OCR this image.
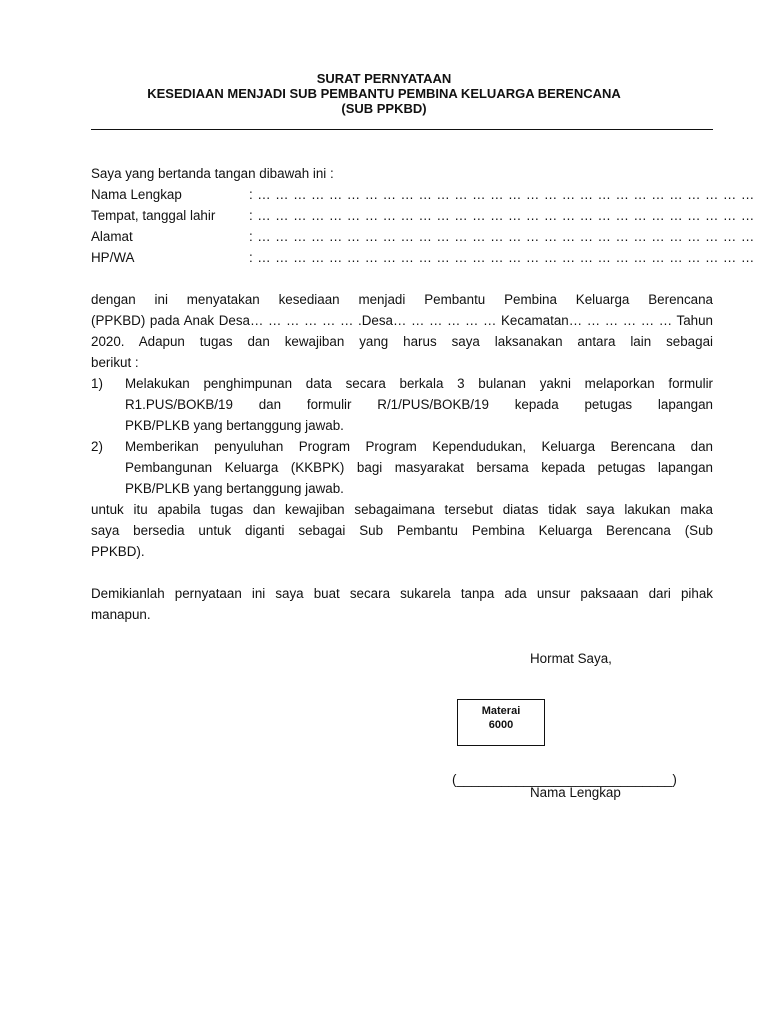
SURAT PERNYATAAN
KESEDIAAN MENJADI SUB PEMBANTU PEMBINA KELUARGA BERENCANA
(SUB PPKBD)
Saya yang bertanda tangan dibawah ini :
Nama Lengkap	: … … … … … … … … … … … … … … … … … … … … … … … … … … … …
Tempat, tanggal lahir	: … … … … … … … … … … … … … … … … … … … … … … … … … … … …
Alamat	: … … … … … … … … … … … … … … … … … … … … … … … … … … … …
HP/WA	: … … … … … … … … … … … … … … … … … … … … … … … … … … … …
dengan ini menyatakan kesediaan menjadi Pembantu Pembina Keluarga Berencana
(PPKBD) pada Anak Desa… … … … … … .Desa… … … … … … Kecamatan… … … … … … Tahun
2020. Adapun tugas dan kewajiban yang harus saya laksanakan antara lain sebagai
berikut :
1) Melakukan penghimpunan data secara berkala 3 bulanan yakni melaporkan formulir
R1.PUS/BOKB/19 dan formulir R/1/PUS/BOKB/19 kepada petugas lapangan
PKB/PLKB yang bertanggung jawab.
2) Memberikan penyuluhan Program Program Kependudukan, Keluarga Berencana dan
Pembangunan Keluarga (KKBPK) bagi masyarakat bersama kepada petugas lapangan
PKB/PLKB yang bertanggung jawab.
untuk itu apabila tugas dan kewajiban sebagaimana tersebut diatas tidak saya lakukan maka
saya bersedia untuk diganti sebagai Sub Pembantu Pembina Keluarga Berencana (Sub
PPKBD).
Demikianlah pernyataan ini saya buat secara sukarela tanpa ada unsur paksaaan dari pihak
manapun.
Hormat Saya,
Materai
6000
(_____________________________)
Nama Lengkap
